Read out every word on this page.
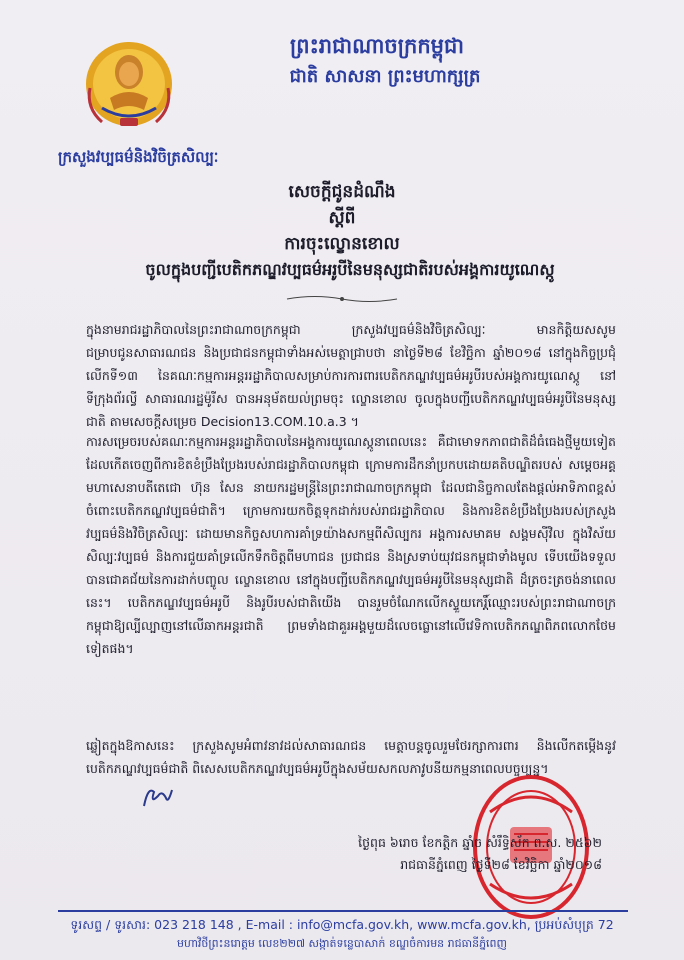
ព្រះរាជាណាចក្រកម្ពុជា
ជាតិ សាសនា ព្រះមហាក្សត្រ
ក្រសួងវប្បធម៌និងវិចិត្រសិល្បៈ
សេចក្តីជូនដំណឹង
ស្តីពី
ការចុះល្ខោនខោល
ចូលក្នុងបញ្ជីបេតិកភណ្ឌវប្បធម៌អរូបីនៃមនុស្សជាតិរបស់អង្គការយូណេស្កូ
ក្នុងនាមរាជរដ្ឋាភិបាលនៃព្រះរាជាណាចក្រកម្ពុជា ក្រសួងវប្បធម៌និងវិចិត្រសិល្បៈ មានកិត្តិយសសូមជម្រាបជូនសាធារណជន និងប្រជាជនកម្ពុជាទាំងអស់មេត្តាជ្រាបថា នាថ្ងៃទី២៨ ខែវិច្ឆិកា ឆ្នាំ២០១៨ នៅក្នុងកិច្ចប្រជុំលើកទី១៣ នៃគណៈកម្មការអន្តររដ្ឋាភិបាលសម្រាប់ការការពារបេតិកភណ្ឌវប្បធម៌អរូបីរបស់អង្គការយូណេស្កូ នៅទីក្រុងព័រល្វី សាធារណរដ្ឋម៉ូរីស បានអនុម័តយល់ព្រមចុះ ល្ខោនខោល ចូលក្នុងបញ្ជីបេតិកភណ្ឌវប្បធម៌អរូបីនៃមនុស្សជាតិ តាមសេចក្តីសម្រេច Decision13.COM.10.a.3 ។
ការសម្រេចរបស់គណៈកម្មការអន្តររដ្ឋាភិបាលនៃអង្គការយូណេស្កូនាពេលនេះ គឺជាមោទកភាពជាតិដ៏ធំធេងថ្មីមួយទៀត ដែលកើតចេញពីការខិតខំប្រឹងប្រែងរបស់រាជរដ្ឋាភិបាលកម្ពុជា ក្រោមការដឹកនាំប្រកបដោយគតិបណ្ឌិតរបស់ សម្តេចអគ្គមហាសេនាបតីតេជោ ហ៊ុន សែន នាយករដ្ឋមន្ត្រីនៃព្រះរាជាណាចក្រកម្ពុជា ដែលជានិច្ចកាលតែងផ្តល់អាទិភាពខ្ពស់ចំពោះបេតិកភណ្ឌវប្បធម៌ជាតិ។ ក្រោមការយកចិត្តទុកដាក់របស់រាជរដ្ឋាភិបាល និងការខិតខំប្រឹងប្រែងរបស់ក្រសួងវប្បធម៌និងវិចិត្រសិល្បៈ ដោយមានកិច្ចសហការគាំទ្រយ៉ាងសកម្មពីសិល្បករ អង្គការសមាគម សង្គមស៊ីវិល ក្នុងវិស័យសិល្បៈវប្បធម៌ និងការជួយគាំទ្រលើកទឹកចិត្តពីមហាជន ប្រជាជន និងស្រទាប់យុវជនកម្ពុជាទាំងមូល ទើបយើងទទួលបានជោគជ័យនៃការដាក់បញ្ចូល ល្ខោនខោល នៅក្នុងបញ្ជីបេតិកភណ្ឌវប្បធម៌អរូបីនៃមនុស្សជាតិ ដ៏ត្រចះត្រចង់នាពេលនេះ។ បេតិកភណ្ឌវប្បធម៌អរូបី និងរូបីរបស់ជាតិយើង បានរួមចំណែកលើកស្ទួយកេរ្តិ៍ឈ្មោះរបស់ព្រះរាជាណាចក្រកម្ពុជាឱ្យល្បីល្បាញនៅលើឆាកអន្តរជាតិ ព្រមទាំងជាគួរអង្គមួយដ៏លេចធ្លោនៅលើវេទិកាបេតិកភណ្ឌពិភពលោកថែមទៀតផង។
ឆ្លៀតក្នុងឱកាសនេះ ក្រសួងសូមអំពាវនាវដល់សាធារណជន មេត្តាបន្តចូលរួមថែរក្សាការពារ និងលើកតម្កើងនូវបេតិកភណ្ឌវប្បធម៌ជាតិ ពិសេសបេតិកភណ្ឌវប្បធម៌អរូបីក្នុងសម័យសកលភាវូបនីយកម្មនាពេលបច្ចុប្បន្ន។
ថ្ងៃពុធ ៦រោច ខែកត្តិក ឆ្នាំច សំរឹទ្ធិស័ក ព.ស. ២៥៦២
រាជធានីភ្នំពេញ ថ្ងៃទី២៨ ខែវិច្ឆិកា ឆ្នាំ២០១៨
ទូរសព្ទ / ទូរសារ: 023 218 148 , E-mail : info@mcfa.gov.kh, www.mcfa.gov.kh, ប្រអប់សំបុត្រ 72
មហាវិថីព្រះនរោត្តម លេខ២២៧ សង្កាត់ទន្លេបាសាក់ ខណ្ឌចំការមន រាជធានីភ្នំពេញ
